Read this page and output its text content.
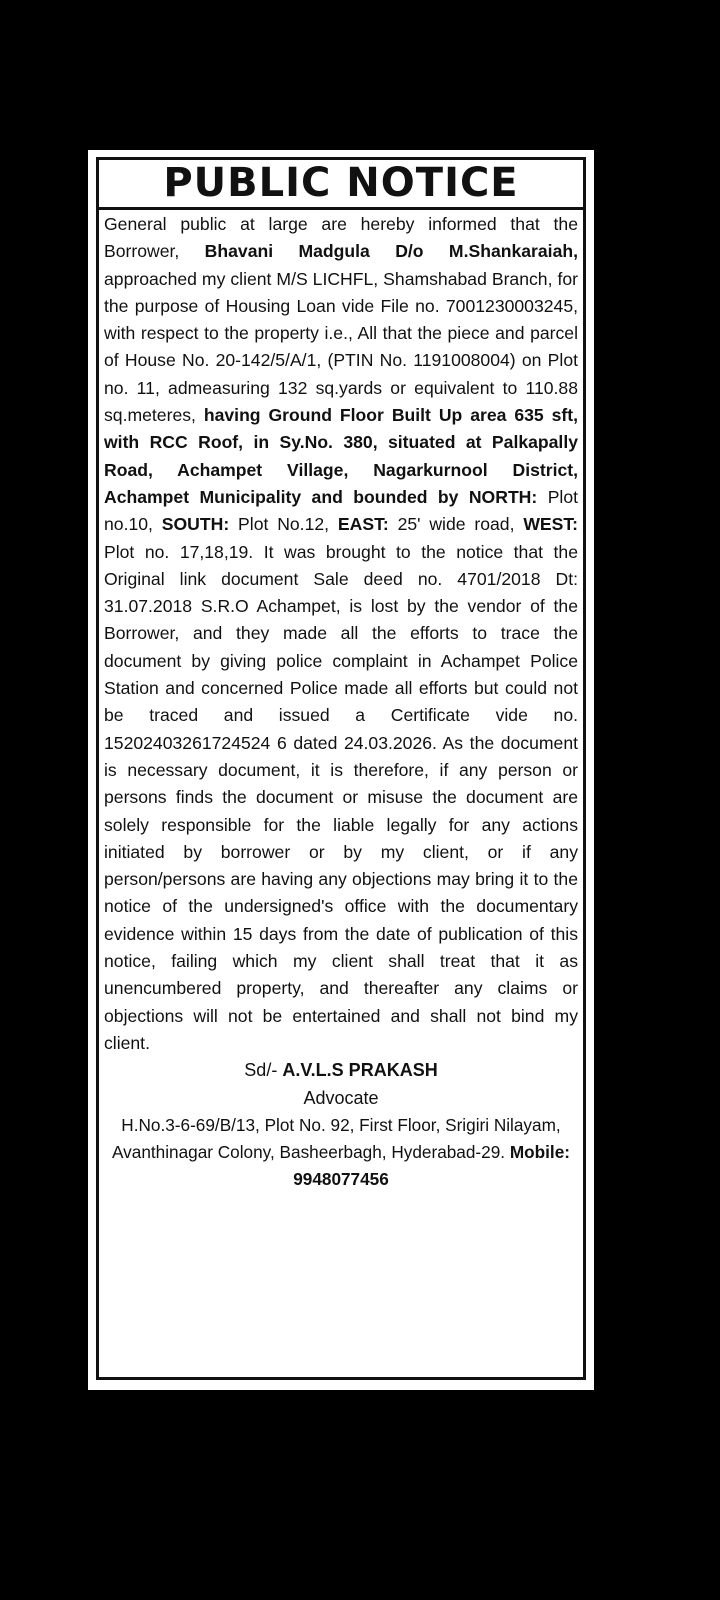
PUBLIC NOTICE

General public at large are hereby informed that the Borrower, Bhavani Madgula D/o M.Shankaraiah, approached my client M/S LICHFL, Shamshabad Branch, for the purpose of Housing Loan vide File no. 7001230003245, with respect to the property i.e., All that the piece and parcel of House No. 20-142/5/A/1, (PTIN No. 1191008004) on Plot no. 11, admeasuring 132 sq.yards or equivalent to 110.88 sq.meteres, having Ground Floor Built Up area 635 sft, with RCC Roof, in Sy.No. 380, situated at Palkapally Road, Achampet Village, Nagarkurnool District, Achampet Municipality and bounded by NORTH: Plot no.10, SOUTH: Plot No.12, EAST: 25' wide road, WEST: Plot no. 17,18,19. It was brought to the notice that the Original link document Sale deed no. 4701/2018 Dt: 31.07.2018 S.R.O Achampet, is lost by the vendor of the Borrower, and they made all the efforts to trace the document by giving police complaint in Achampet Police Station and concerned Police made all efforts but could not be traced and issued a Certificate vide no. 15202403261724524 6 dated 24.03.2026. As the document is necessary document, it is therefore, if any person or persons finds the document or misuse the document are solely responsible for the liable legally for any actions initiated by borrower or by my client, or if any person/persons are having any objections may bring it to the notice of the undersigned's office with the documentary evidence within 15 days from the date of publication of this notice, failing which my client shall treat that it as unencumbered property, and thereafter any claims or objections will not be entertained and shall not bind my client.

Sd/- A.V.L.S PRAKASH
Advocate
H.No.3-6-69/B/13, Plot No. 92, First Floor, Srigiri Nilayam, Avanthinagar Colony, Basheerbagh, Hyderabad-29. Mobile: 9948077456
